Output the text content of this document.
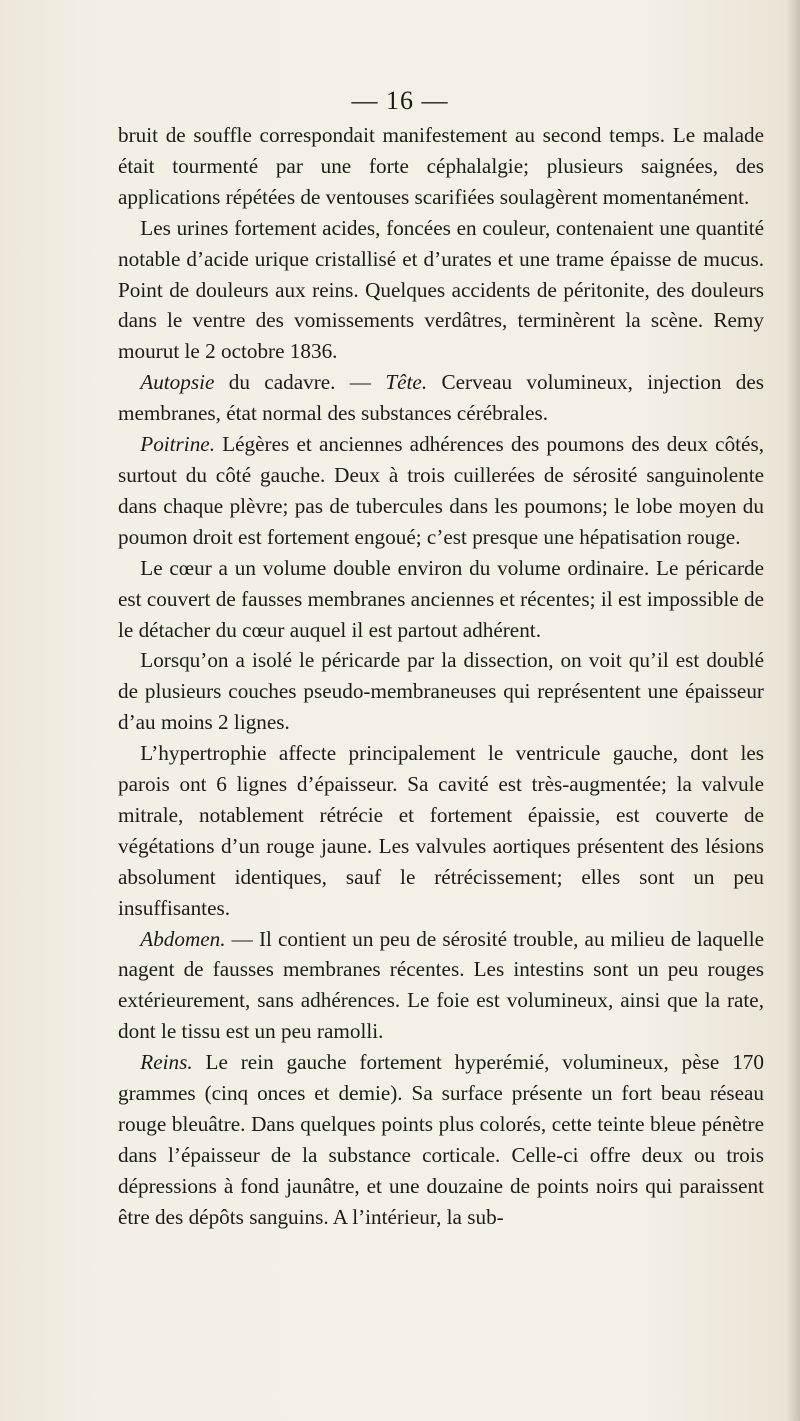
— 16 —

bruit de souffle correspondait manifestement au second temps. Le malade était tourmenté par une forte céphalalgie; plusieurs saignées, des applications répétées de ventouses scarifiées soulagèrent momentanément.

Les urines fortement acides, foncées en couleur, contenaient une quantité notable d’acide urique cristallisé et d’urates et une trame épaisse de mucus. Point de douleurs aux reins. Quelques accidents de péritonite, des douleurs dans le ventre des vomissements verdâtres, terminèrent la scène. Remy mourut le 2 octobre 1836.

Autopsie du cadavre. — Tête. Cerveau volumineux, injection des membranes, état normal des substances cérébrales.

Poitrine. Légères et anciennes adhérences des poumons des deux côtés, surtout du côté gauche. Deux à trois cuillerées de sérosité sanguinolente dans chaque plèvre; pas de tubercules dans les poumons; le lobe moyen du poumon droit est fortement engoué; c’est presque une hépatisation rouge.

Le cœur a un volume double environ du volume ordinaire. Le péricarde est couvert de fausses membranes anciennes et récentes; il est impossible de le détacher du cœur auquel il est partout adhérent.

Lorsqu’on a isolé le péricarde par la dissection, on voit qu’il est doublé de plusieurs couches pseudo-membraneuses qui représentent une épaisseur d’au moins 2 lignes.

L’hypertrophie affecte principalement le ventricule gauche, dont les parois ont 6 lignes d’épaisseur. Sa cavité est très-augmentée; la valvule mitrale, notablement rétrécie et fortement épaissie, est couverte de végétations d’un rouge jaune. Les valvules aortiques présentent des lésions absolument identiques, sauf le rétrécissement; elles sont un peu insuffisantes.

Abdomen. — Il contient un peu de sérosité trouble, au milieu de laquelle nagent de fausses membranes récentes. Les intestins sont un peu rouges extérieurement, sans adhérences. Le foie est volumineux, ainsi que la rate, dont le tissu est un peu ramolli.

Reins. Le rein gauche fortement hyperémié, volumineux, pèse 170 grammes (cinq onces et demie). Sa surface présente un fort beau réseau rouge bleuâtre. Dans quelques points plus colorés, cette teinte bleue pénètre dans l’épaisseur de la substance corticale. Celle-ci offre deux ou trois dépressions à fond jaunâtre, et une douzaine de points noirs qui paraissent être des dépôts sanguins. A l’intérieur, la sub-
